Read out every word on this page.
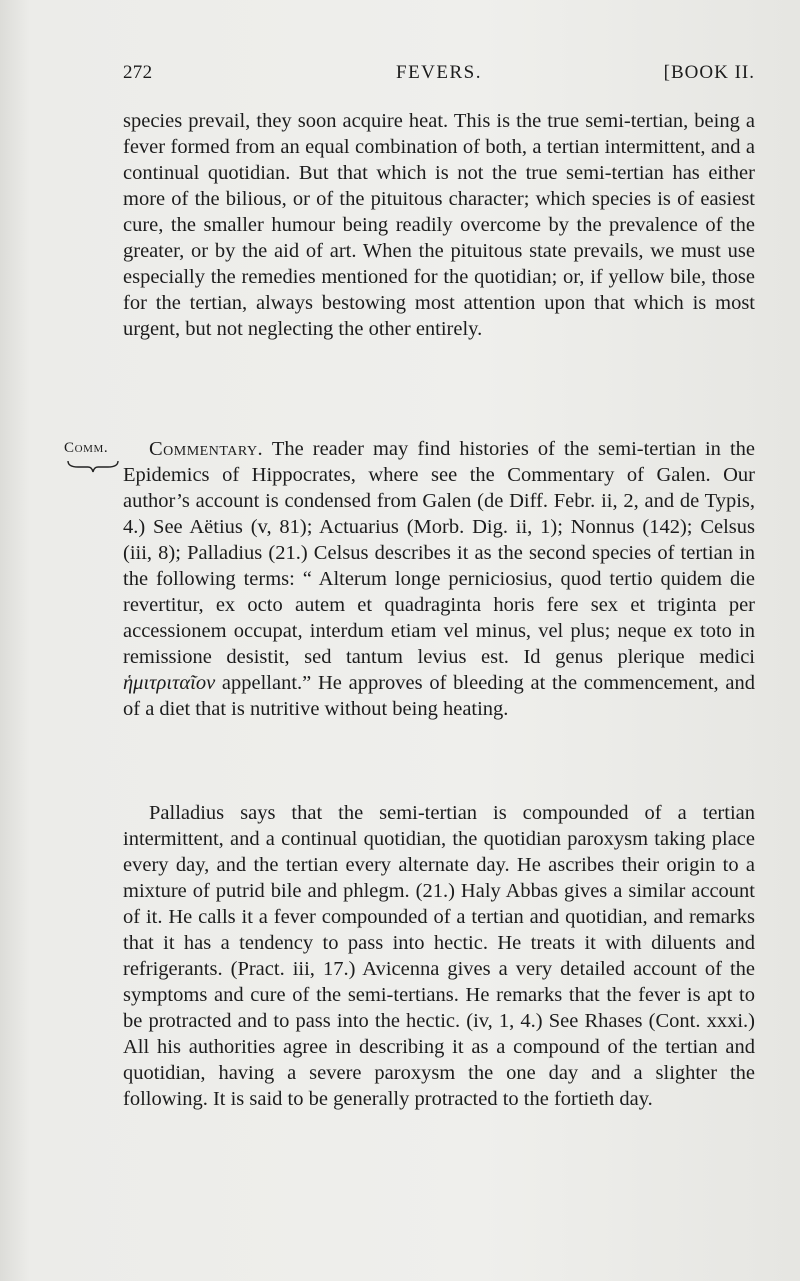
272	FEVERS.	[BOOK II.
species prevail, they soon acquire heat. This is the true semi-tertian, being a fever formed from an equal combination of both, a tertian intermittent, and a continual quotidian. But that which is not the true semi-tertian has either more of the bilious, or of the pituitous character; which species is of easiest cure, the smaller humour being readily overcome by the prevalence of the greater, or by the aid of art. When the pituitous state prevails, we must use especially the remedies mentioned for the quotidian; or, if yellow bile, those for the tertian, always bestowing most attention upon that which is most urgent, but not neglecting the other entirely.
Comm.	Commentary. The reader may find histories of the semi-tertian in the Epidemics of Hippocrates, where see the Commentary of Galen. Our author’s account is condensed from Galen (de Diff. Febr. ii, 2, and de Typis, 4.) See Aëtius (v, 81); Actuarius (Morb. Dig. ii, 1); Nonnus (142); Celsus (iii, 8); Palladius (21.) Celsus describes it as the second species of tertian in the following terms: “ Alterum longe perniciosius, quod tertio quidem die revertitur, ex octo autem et quadraginta horis fere sex et triginta per accessionem occupat, interdum etiam vel minus, vel plus; neque ex toto in remissione desistit, sed tantum levius est. Id genus plerique medici ἡμιτριταῖον appellant.” He approves of bleeding at the commencement, and of a diet that is nutritive without being heating.
Palladius says that the semi-tertian is compounded of a tertian intermittent, and a continual quotidian, the quotidian paroxysm taking place every day, and the tertian every alternate day. He ascribes their origin to a mixture of putrid bile and phlegm. (21.) Haly Abbas gives a similar account of it. He calls it a fever compounded of a tertian and quotidian, and remarks that it has a tendency to pass into hectic. He treats it with diluents and refrigerants. (Pract. iii, 17.) Avicenna gives a very detailed account of the symptoms and cure of the semi-tertians. He remarks that the fever is apt to be protracted and to pass into the hectic. (iv, 1, 4.) See Rhases (Cont. xxxi.) All his authorities agree in describing it as a compound of the tertian and quotidian, having a severe paroxysm the one day and a slighter the following. It is said to be generally protracted to the fortieth day.
